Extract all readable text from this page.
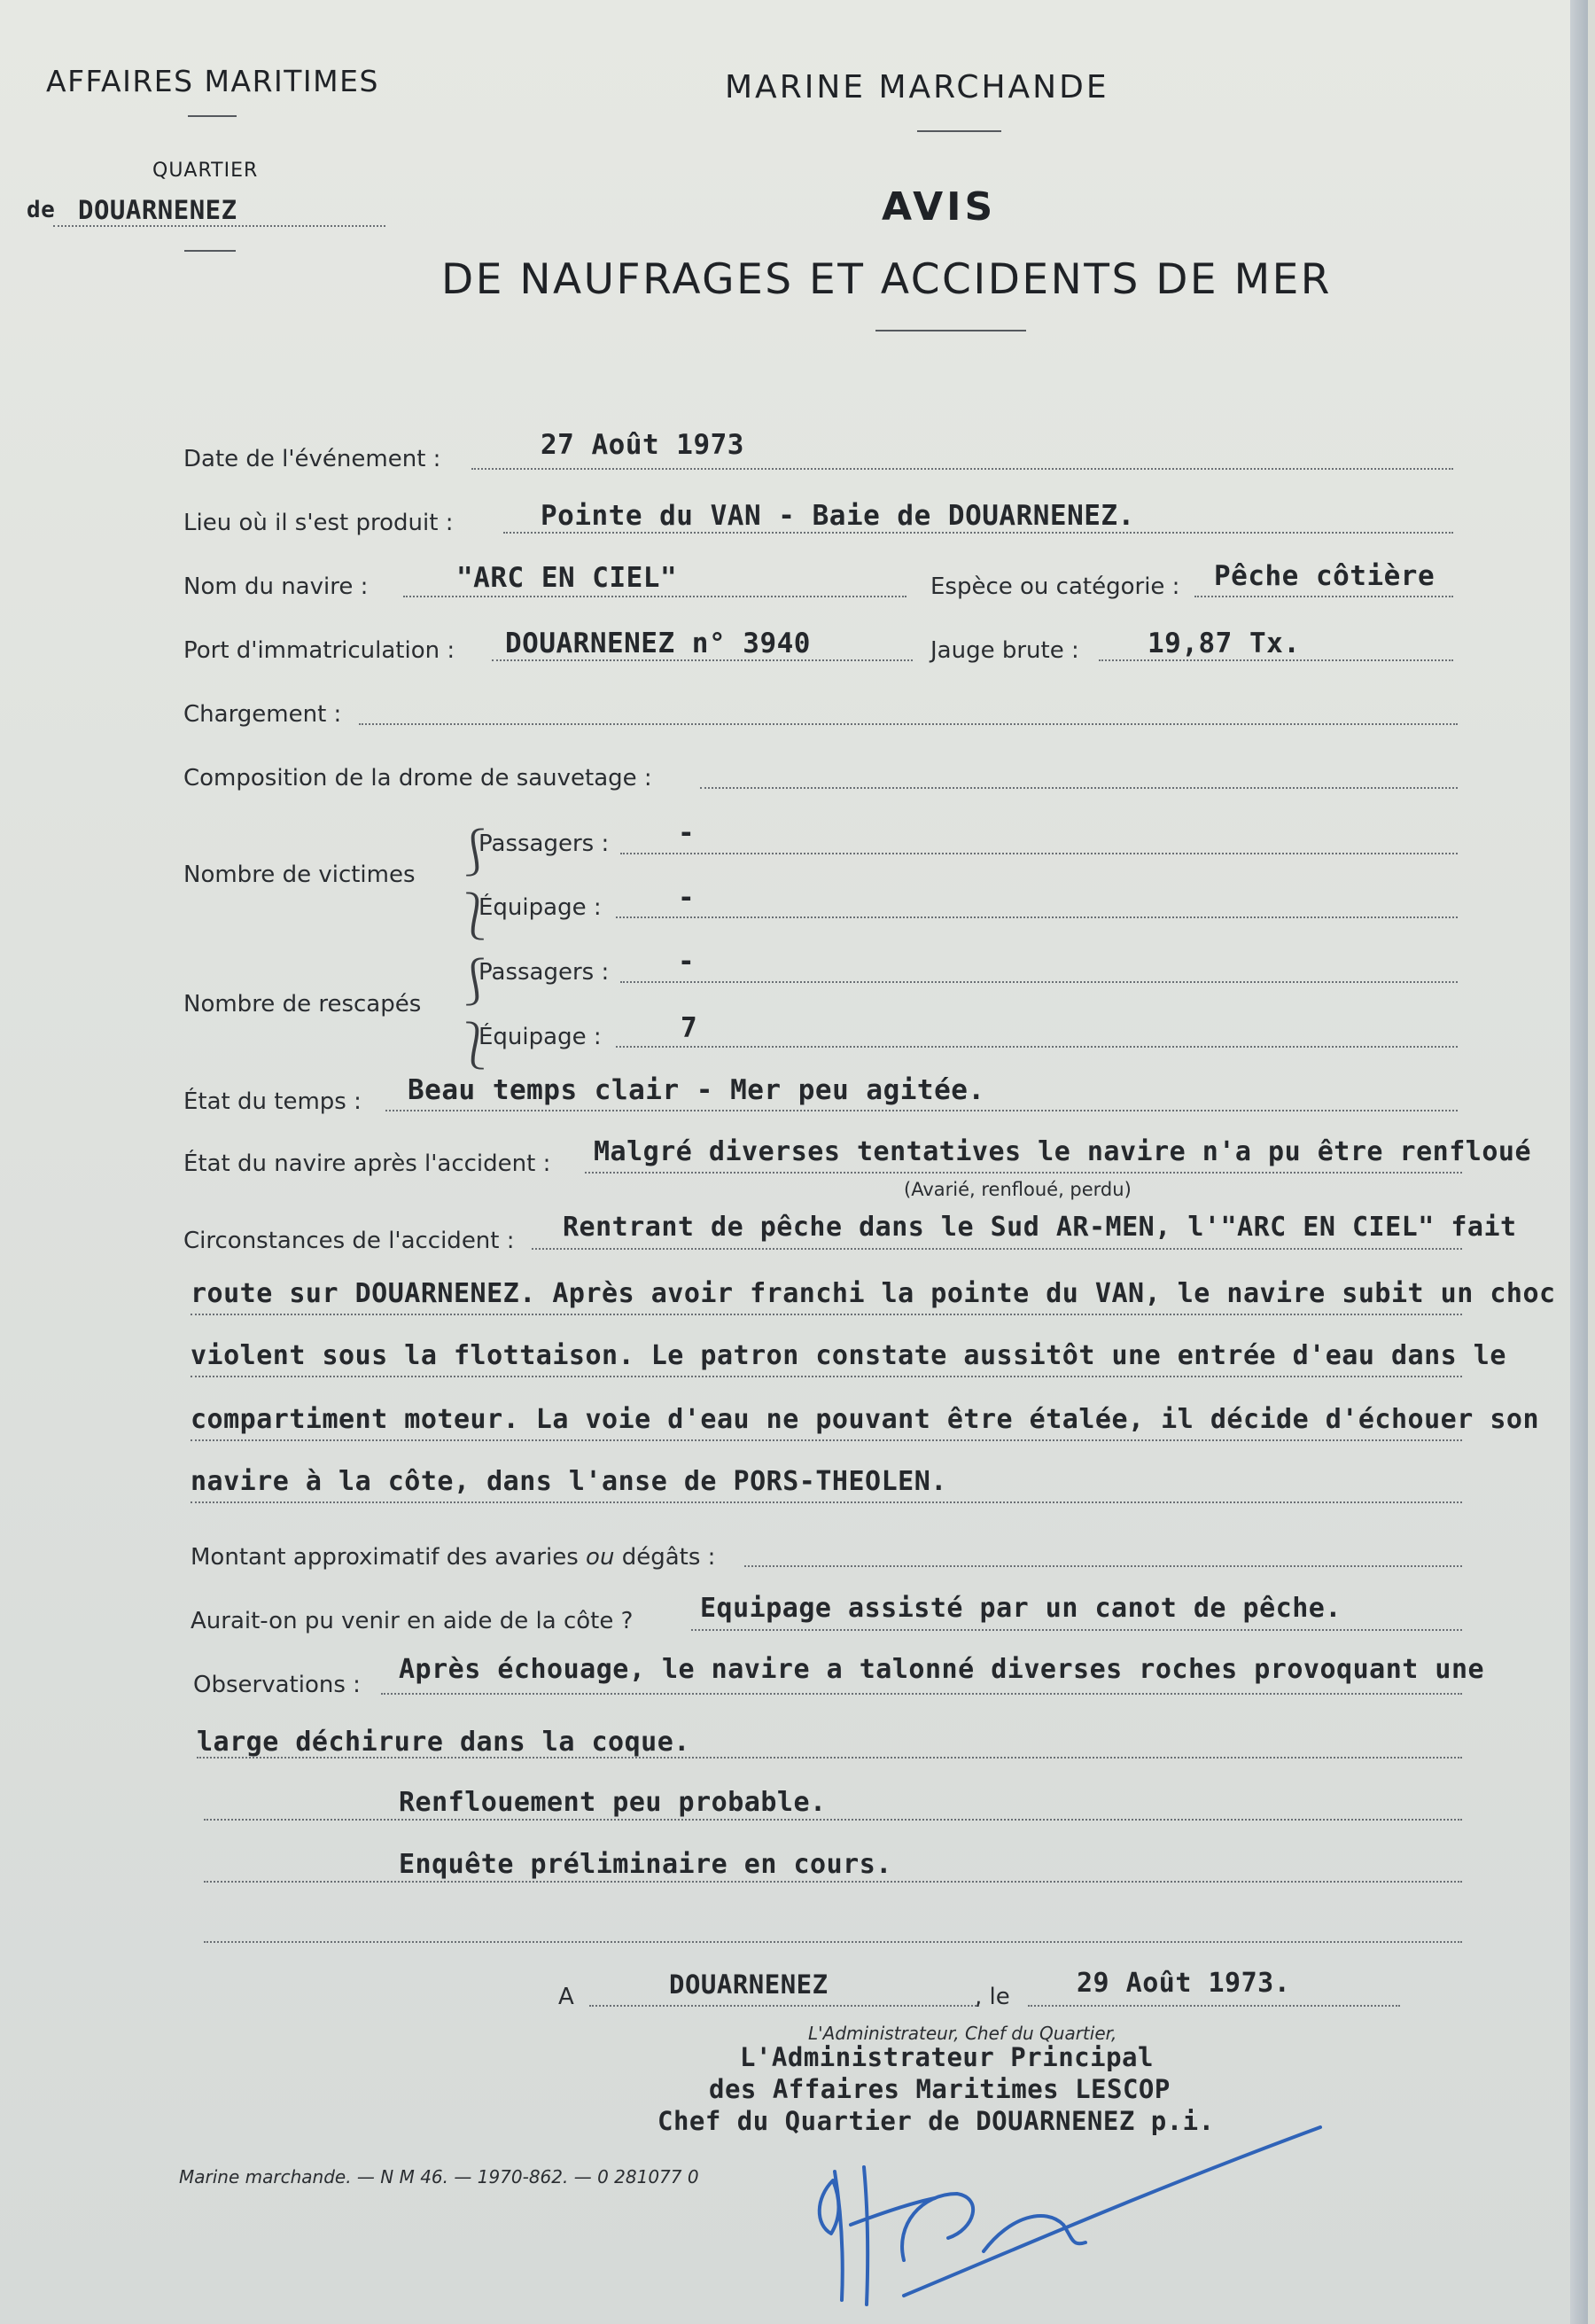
AFFAIRES MARITIMES	MARINE MARCHANDE
QUARTIER
de DOUARNENEZ	AVIS
DE NAUFRAGES ET ACCIDENTS DE MER
Date de l'événement :	27 Août 1973
Lieu où il s'est produit :	Pointe du VAN - Baie de DOUARNENEZ.
Nom du navire :	"ARC EN CIEL"	Espèce ou catégorie : Pêche côtière
Port d'immatriculation : DOUARNENEZ n° 3940	Jauge brute : 19,87 Tx.
Chargement :
Composition de la drome de sauvetage :
Nombre de victimes ⎰
⎱
Passagers :	-
Équipage :	-
Nombre de rescapés ⎰
⎱
Passagers :	-
Équipage :	7
État du temps : Beau temps clair - Mer peu agitée.
État du navire après l'accident : Malgré diverses tentatives le navire n'a pu être renfloué
(Avarié, renfloué, perdu)
Circonstances de l'accident : Rentrant de pêche dans le Sud AR-MEN, l'"ARC EN CIEL" fait
route sur DOUARNENEZ. Après avoir franchi la pointe du VAN, le navire subit un choc
violent sous la flottaison. Le patron constate aussitôt une entrée d'eau dans le
compartiment moteur. La voie d'eau ne pouvant être étalée, il décide d'échouer son
navire à la côte, dans l'anse de PORS-THEOLEN.
Montant approximatif des avaries ou dégâts :
Aurait-on pu venir en aide de la côte ?	Equipage assisté par un canot de pêche.
Observations : Après échouage, le navire a talonné diverses roches provoquant une
large déchirure dans la coque.
Renflouement peu probable.
Enquête préliminaire en cours.
A	DOUARNENEZ	, le	29 Août 1973.
L'Administrateur, Chef du Quartier,
L'Administrateur Principal
des Affaires Maritimes LESCOP
Chef du Quartier de DOUARNENEZ p.i.
Marine marchande. — N M 46. — 1970-862. — 0 281077 0
